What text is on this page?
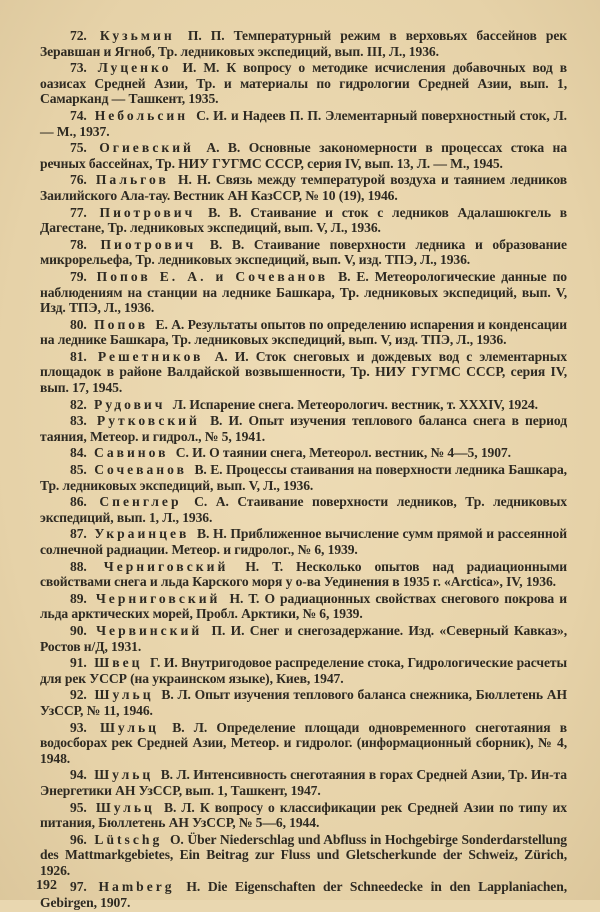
72. Кузьмин П. П. Температурный режим в верховьях бассейнов рек Зеравшан и Ягноб, Тр. ледниковых экспедиций, вып. III, Л., 1936.

73. Луценко И. М. К вопросу о методике исчисления добавочных вод в оазисах Средней Азии, Тр. и материалы по гидрологии Средней Азии, вып. 1, Самарканд — Ташкент, 1935.

74. Небольсин С. И. и Надеев П. П. Элементарный поверхностный сток, Л. — М., 1937.

75. Огиевский А. В. Основные закономерности в процессах стока на речных бассейнах, Тр. НИУ ГУГМС СССР, серия IV, вып. 13, Л. — М., 1945.

76. Пальгов Н. Н. Связь между температурой воздуха и таянием ледников Заилийского Ала-тау. Вестник АН КазССР, № 10 (19), 1946.

77. Пиотрович В. В. Стаивание и сток с ледников Адалашюкгель в Дагестане, Тр. ледниковых экспедиций, вып. V, Л., 1936.

78. Пиотрович В. В. Стаивание поверхности ледника и образование микрорельефа, Тр. ледниковых экспедиций, вып. V, изд. ТПЭ, Л., 1936.

79. Попов Е. А. и Сочеванов В. Е. Метеорологические данные по наблюдениям на станции на леднике Башкара, Тр. ледниковых экспедиций, вып. V, Изд. ТПЭ, Л., 1936.

80. Попов Е. А. Результаты опытов по определению испарения и конденсации на леднике Башкара, Тр. ледниковых экспедиций, вып. V, изд. ТПЭ, Л., 1936.

81. Решетников А. И. Сток снеговых и дождевых вод с элементарных площадок в районе Валдайской возвышенности, Тр. НИУ ГУГМС СССР, серия IV, вып. 17, 1945.

82. Рудович Л. Испарение снега. Метеорологич. вестник, т. XXXIV, 1924.

83. Рутковский В. И. Опыт изучения теплового баланса снега в период таяния, Метеор. и гидрол., № 5, 1941.

84. Савинов С. И. О таянии снега, Метеорол. вестник, № 4—5, 1907.

85. Сочеванов В. Е. Процессы стаивания на поверхности ледника Башкара, Тр. ледниковых экспедиций, вып. V, Л., 1936.

86. Спенглер С. А. Стаивание поверхности ледников, Тр. ледниковых экспедиций, вып. 1, Л., 1936.

87. Украинцев В. Н. Приближенное вычисление сумм прямой и рассеянной солнечной радиации. Метеор. и гидролог., № 6, 1939.

88. Черниговский Н. Т. Несколько опытов над радиационными свойствами снега и льда Карского моря у о-ва Уединения в 1935 г. «Arctica», IV, 1936.

89. Черниговский Н. Т. О радиационных свойствах снегового покрова и льда арктических морей, Пробл. Арктики, № 6, 1939.

90. Червинский П. И. Снег и снегозадержание. Изд. «Северный Кавказ», Ростов н/Д, 1931.

91. Швец Г. И. Внутригодовое распределение стока, Гидрологические расчеты для рек УССР (на украинском языке), Киев, 1947.

92. Шульц В. Л. Опыт изучения теплового баланса снежника, Бюллетень АН УзССР, № 11, 1946.

93. Шульц В. Л. Определение площади одновременного снеготаяния в водосборах рек Средней Азии, Метеор. и гидролог. (информационный сборник), № 4, 1948.

94. Шульц В. Л. Интенсивность снеготаяния в горах Средней Азии, Тр. Ин-та Энергетики АН УзССР, вып. 1, Ташкент, 1947.

95. Шульц В. Л. К вопросу о классификации рек Средней Азии по типу их питания, Бюллетень АН УзССР, № 5—6, 1944.

96. Lütschg O. Über Niederschlag und Abfluss in Hochgebirge Sonderdarstellung des Mattmarkgebietes, Ein Beitrag zur Fluss und Gletscherkunde der Schweiz, Zürich, 1926.

97. Hamberg H. Die Eigenschaften der Schneedecke in den Lapplaniachen, Gebirgen, 1907.

192
